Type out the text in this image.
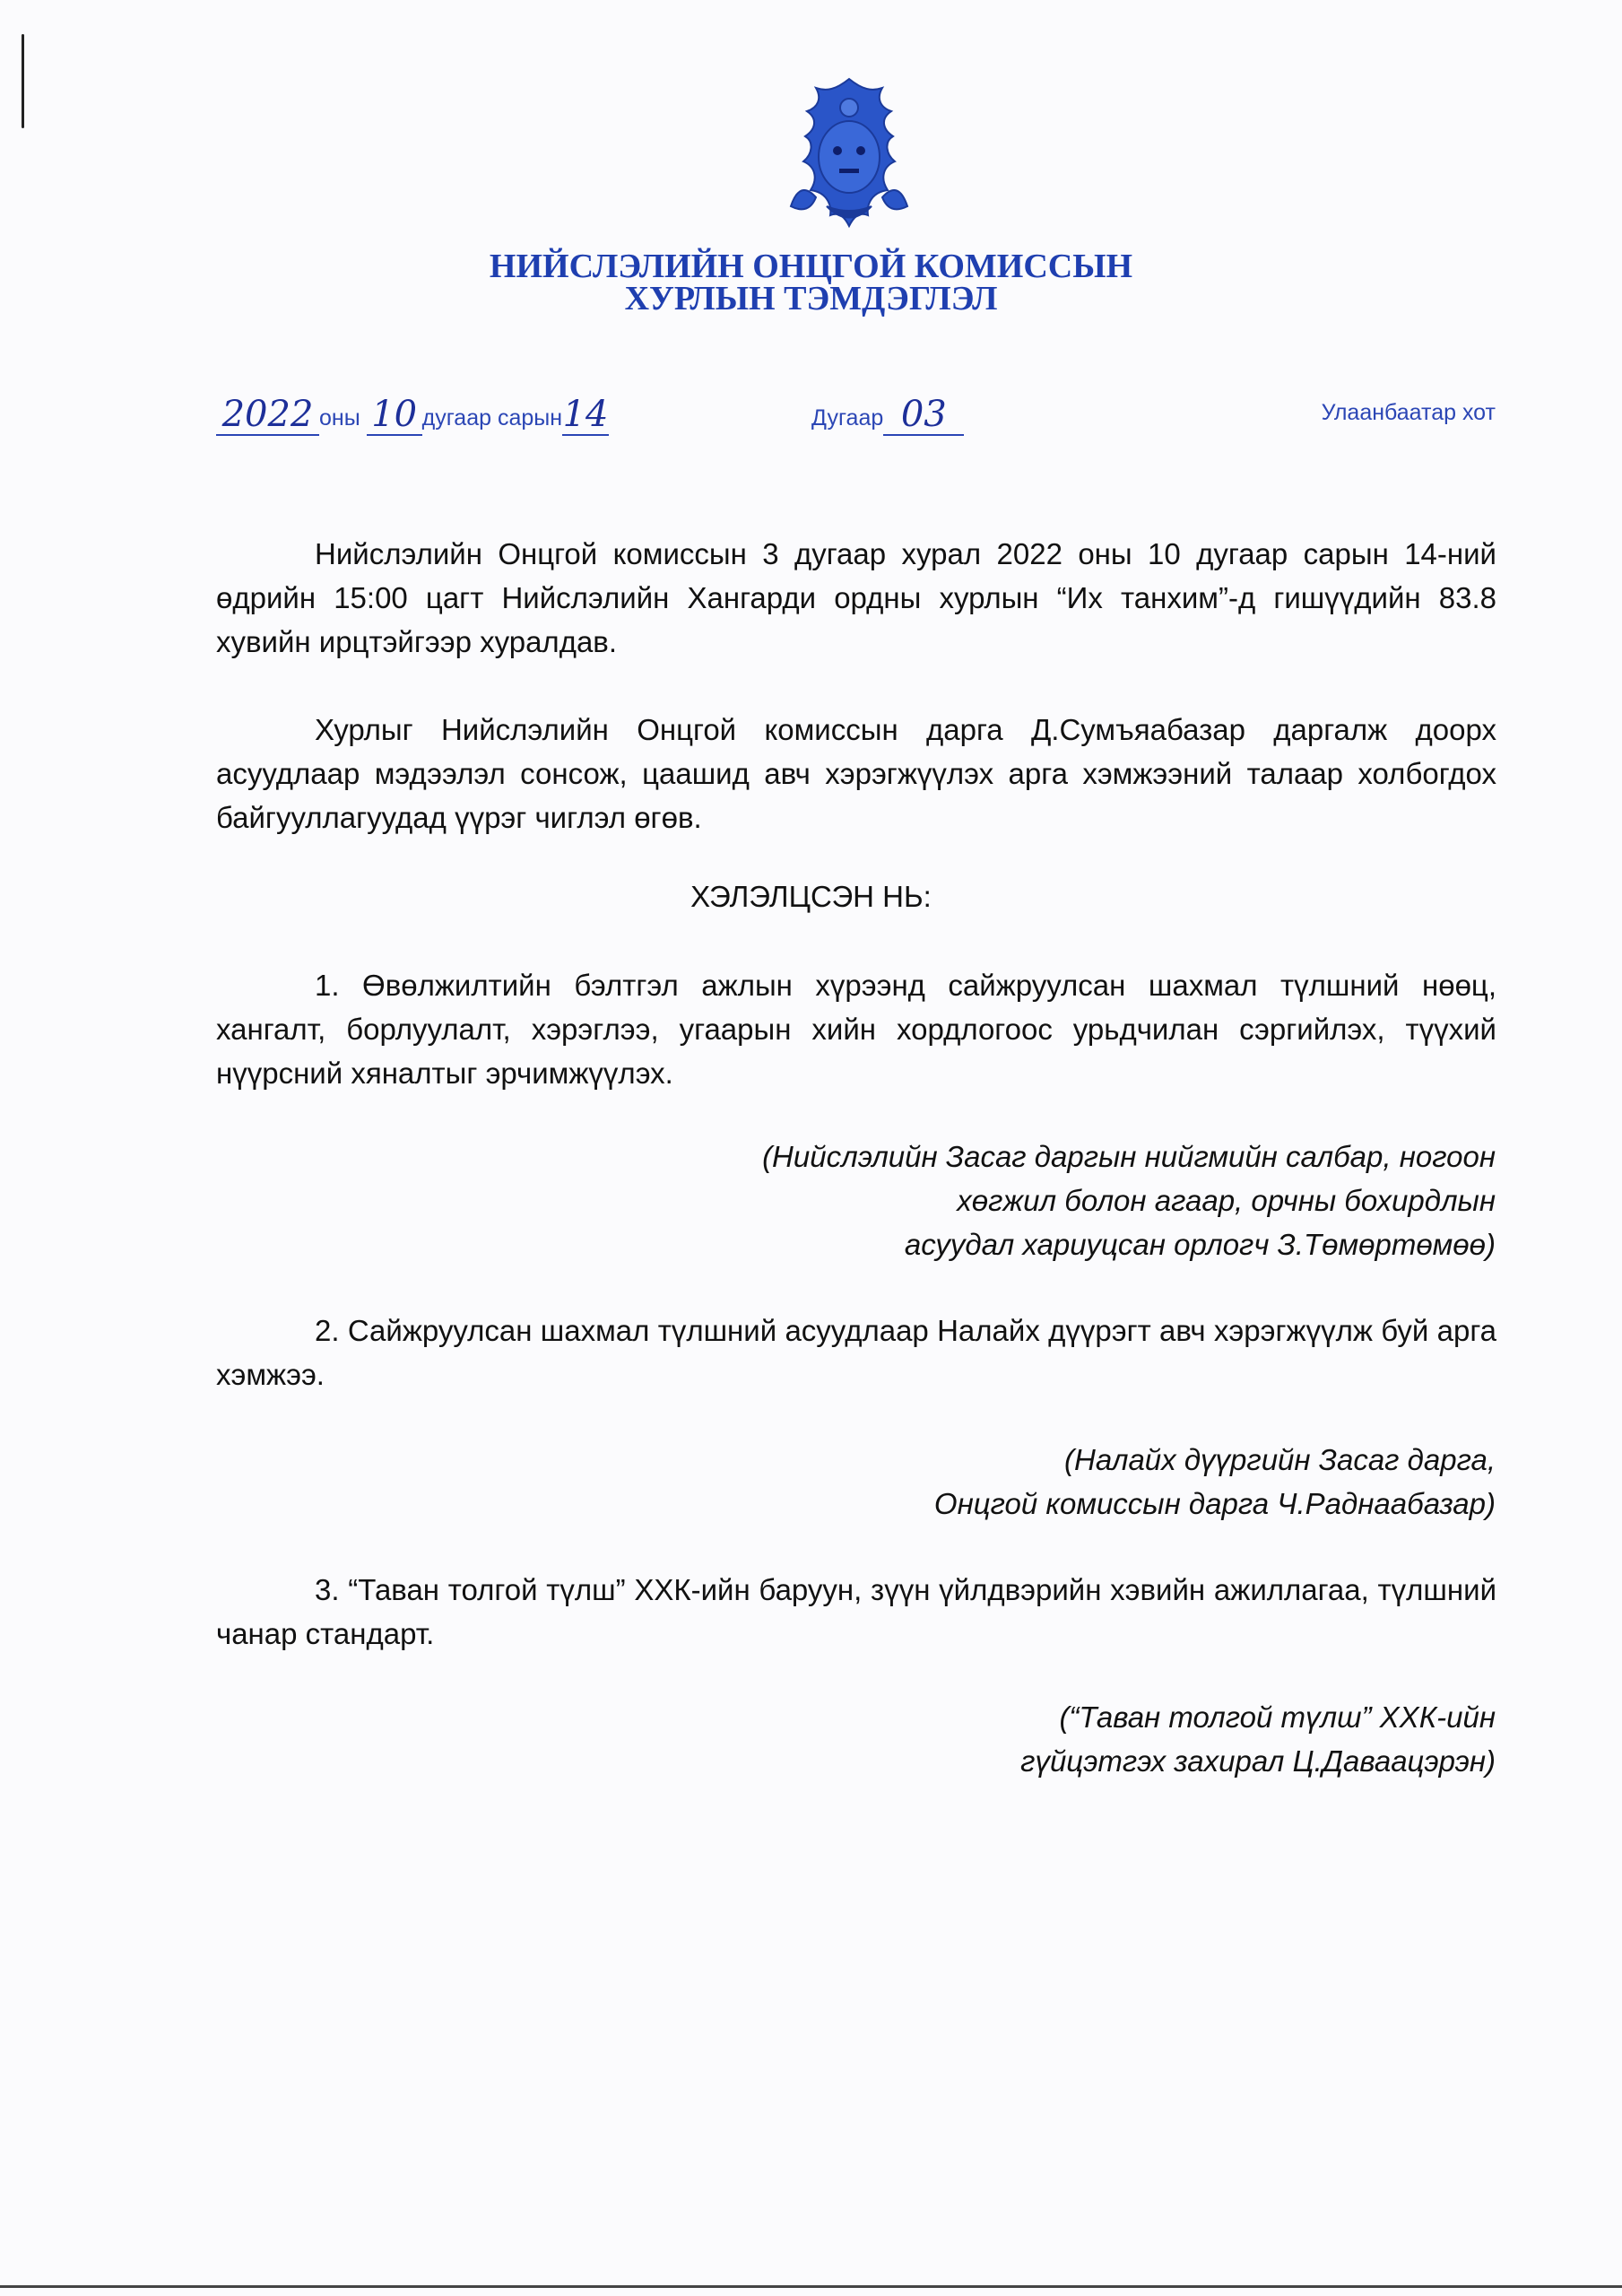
НИЙСЛЭЛИЙН ОНЦГОЙ КОМИССЫН
ХУРЛЫН ТЭМДЭГЛЭЛ
2022 оны 10 дугаар сарын14	Дугаар 03	Улаанбаатар хот
Нийслэлийн Онцгой комиссын 3 дугаар хурал 2022 оны 10 дугаар сарын 14-ний өдрийн 15:00 цагт Нийслэлийн Хангарди ордны хурлын “Их танхим”-д гишүүдийн 83.8 хувийн ирцтэйгээр хуралдав.
Хурлыг Нийслэлийн Онцгой комиссын дарга Д.Сумъяабазар даргалж доорх асуудлаар мэдээлэл сонсож, цаашид авч хэрэгжүүлэх арга хэмжээний талаар холбогдох байгууллагуудад үүрэг чиглэл өгөв.
ХЭЛЭЛЦСЭН НЬ:
1. Өвөлжилтийн бэлтгэл ажлын хүрээнд сайжруулсан шахмал түлшний нөөц, хангалт, борлуулалт, хэрэглээ, угаарын хийн хордлогоос урьдчилан сэргийлэх, түүхий нүүрсний хяналтыг эрчимжүүлэх.
(Нийслэлийн Засаг даргын нийгмийн салбар, ногоон
хөгжил болон агаар, орчны бохирдлын
асуудал хариуцсан орлогч З.Төмөртөмөө)
2. Сайжруулсан шахмал түлшний асуудлаар Налайх дүүрэгт авч хэрэгжүүлж буй арга хэмжээ.
(Налайх дүүргийн Засаг дарга,
Онцгой комиссын дарга Ч.Раднаабазар)
3. “Таван толгой түлш” ХХК-ийн баруун, зүүн үйлдвэрийн хэвийн ажиллагаа, түлшний чанар стандарт.
(“Таван толгой түлш” ХХК-ийн
гүйцэтгэх захирал Ц.Даваацэрэн)
